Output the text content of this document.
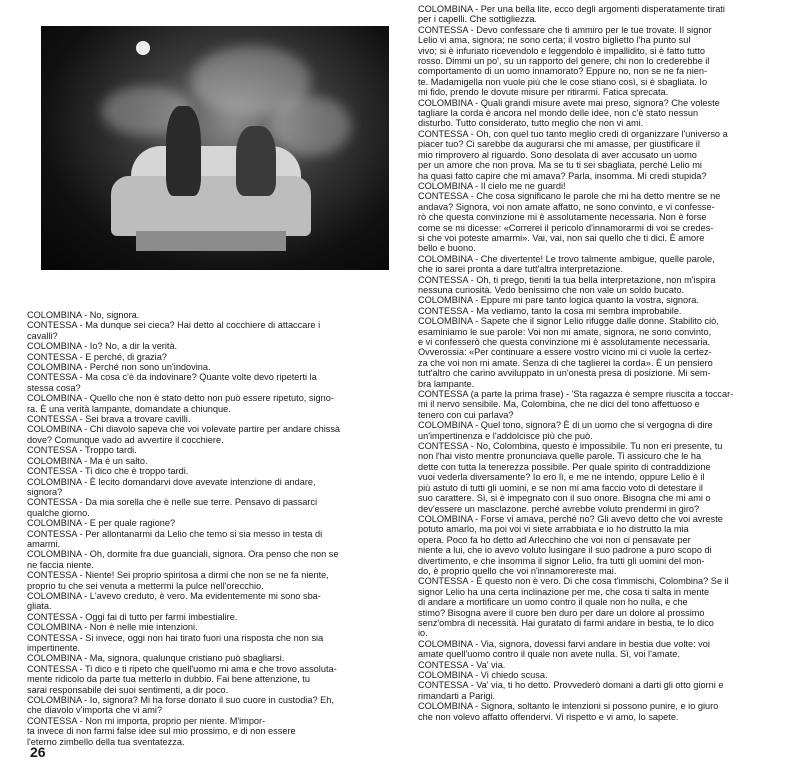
COLOMBINA - No, signora.
CONTESSA - Ma dunque sei cieca? Hai detto al cocchiere di attaccare i
cavalli?
COLOMBINA - Io? No, a dir la verità.
CONTESSA - E perché, di grazia?
COLOMBINA - Perché non sono un'indovina.
CONTESSA - Ma cosa c'è da indovinare? Quante volte devo ripeterti la
stessa cosa?
COLOMBINA - Quello che non è stato detto non può essere ripetuto, signo-
ra. È una verità lampante, domandate a chiunque.
CONTESSA - Sei brava a trovare cavilli.
COLOMBINA - Chi diavolo sapeva che voi volevate partire per andare chissà
dove? Comunque vado ad avvertire il cocchiere.
CONTESSA - Troppo tardi.
COLOMBINA - Ma è un salto.
CONTESSA - Ti dico che è troppo tardi.
COLOMBINA - È lecito domandarvi dove avevate intenzione di andare,
signora?
CONTESSA - Da mia sorella che è nelle sue terre. Pensavo di passarci
qualche giorno.
COLOMBINA - E per quale ragione?
CONTESSA - Per allontanarmi da Lelio che temo si sia messo in testa di
amarmi.
COLOMBINA - Oh, dormite fra due guanciali, signora. Ora penso che non se
ne faccia niente.
CONTESSA - Niente! Sei proprio spiritosa a dirmi che non se ne fa niente,
proprio tu che sei venuta a mettermi la pulce nell'orecchio.
COLOMBINA - L'avevo creduto, è vero. Ma evidentemente mi sono sba-
gliata.
CONTESSA - Oggi fai di tutto per farmi imbestialire.
COLOMBINA - Non è nelle mie intenzioni.
CONTESSA - Si invece, oggi non hai tirato fuori una risposta che non sia
impertinente.
COLOMBINA - Ma, signora, qualunque cristiano può sbagliarsi.
CONTESSA - Ti dico e ti ripeto che quell'uomo mi ama e che trovo assoluta-
mente ridicolo da parte tua metterlo in dubbio. Fai bene attenzione, tu
sarai responsabile dei suoi sentimenti, a dir poco.
COLOMBINA - Io, signora? Mi ha forse donato il suo cuore in custodia? Eh,
che diavolo v'importa che vi ami?
CONTESSA - Non mi importa, proprio per niente. M'impor-
ta invece di non farmi false idee sul mio prossimo, e di non essere
l'eterno zimbello della tua sventatezza.
COLOMBINA - Per una bella lite, ecco degli argomenti disperatamente tirati
per i capelli. Che sottigliezza.
CONTESSA - Devo confessare che ti ammiro per le tue trovate. Il signor
Lelio vi ama, signora; ne sono certa; il vostro biglietto l'ha punto sul
vivo; si è infuriato ricevendolo e leggendolo è impallidito, si è fatto tutto
rosso. Dimmi un po', su un rapporto del genere, chi non lo crederebbe il
comportamento di un uomo innamorato? Eppure no, non se ne fa nien-
te. Madamigella non vuole più che le cose stiano così, si è sbagliata. Io
mi fido, prendo le dovute misure per ritirarmi. Fatica sprecata.
COLOMBINA - Quali grandi misure avete mai preso, signora? Che voleste
tagliare la corda è ancora nel mondo delle idee, non c'è stato nessun
disturbo. Tutto considerato, tutto meglio che non vi ami.
CONTESSA - Oh, con quel tuo tanto meglio credi di organizzare l'universo a
piacer tuo? Ci sarebbe da augurarsi che mi amasse, per giustificare il
mio rimprovero al riguardo. Sono desolata di aver accusato un uomo
per un amore che non prova. Ma se tu ti sei sbagliata, perché Lelio mi
ha quasi fatto capire che mi amava? Parla, insomma. Mi credi stupida?
COLOMBINA - Il cielo me ne guardi!
CONTESSA - Che cosa significano le parole che mi ha detto mentre se ne
andava? Signora, voi non amate affatto, ne sono convinto, e vi confesse-
rò che questa convinzione mi è assolutamente necessaria. Non è forse
come se mi dicesse: «Correrei il pericolo d'innamorarmi di voi se credes-
si che voi poteste amarmi». Vai, vai, non sai quello che ti dici. È amore
bello e buono.
COLOMBINA - Che divertente! Le trovo talmente ambigue, quelle parole,
che io sarei pronta a dare tutt'altra interpretazione.
CONTESSA - Oh, ti prego, tieniti la tua bella interpretazione, non m'ispira
nessuna curiosità. Vedo benissimo che non vale un soldo bucato.
COLOMBINA - Eppure mi pare tanto logica quanto la vostra, signora.
CONTESSA - Ma vediamo, tanto la cosa mi sembra improbabile.
COLOMBINA - Sapete che il signor Lelio rifugge dalle donne. Stabilito ciò,
esaminiamo le sue parole: Voi non mi amate, signora, ne sono convinto,
e vi confesserò che questa convinzione mi è assolutamente necessaria.
Ovverossia: «Per continuare a essere vostro vicino mi ci vuole la certez-
za che voi non mi amate. Senza di che taglierei la corda». È un pensiero
tutt'altro che carino avviluppato in un'onesta presa di posizione. Mi sem-
bra lampante.
CONTESSA (a parte la prima frase) - 'Sta ragazza è sempre riuscita a toccar-
mi il nervo sensibile. Ma, Colombina, che ne dici del tono affettuoso e
tenero con cui parlava?
COLOMBINA - Quel tono, signora? È di un uomo che si vergogna di dire
un'impertinenza e l'addolcisce più che può.
CONTESSA - No, Colombina, questo è impossibile. Tu non eri presente, tu
non l'hai visto mentre pronunciava quelle parole. Ti assicuro che le ha
dette con tutta la tenerezza possibile. Per quale spirito di contraddizione
vuoi vederla diversamente? Io ero lì, e me ne intendo, oppure Lelio è il
più astuto di tutti gli uomini, e se non mi ama faccio voto di detestare il
suo carattere. Sì, si è impegnato con il suo onore. Bisogna che mi ami o
dev'essere un masclazone. perché avrebbe voluto prendermi in giro?
COLOMBINA - Forse vi amava, perché no? Gli avevo detto che voi avreste
potuto amarlo, ma poi voi vi siete arrabbiata e io ho distrutto la mia
opera. Poco fa ho detto ad Arlecchino che voi non ci pensavate per
niente a lui, che io avevo voluto lusingare il suo padrone a puro scopo di
divertimento, e che insomma il signor Lelio, fra tutti gli uomini del mon-
do, è proprio quello che voi n'innamorereste mai.
CONTESSA - È questo non è vero. Di che cosa t'immischi, Colombina? Se il
signor Lelio ha una certa inclinazione per me, che cosa ti salta in mente
di andare a mortificare un uomo contro il quale non ho nulla, e che
stimo? Bisogna avere il cuore ben duro per dare un dolore al prossimo
senz'ombra di necessità. Hai guratato di farmi andare in bestia, te lo dico
io.
COLOMBINA - Via, signora, dovessi farvi andare in bestia due volte: voi
amate quell'uomo contro il quale non avete nulla. Sì, voi l'amate.
CONTESSA - Va' via.
COLOMBINA - Vi chiedo scusa.
CONTESSA - Va' via, ti ho detto. Provvederò domani a darti gli otto giorni e
rimandarti a Parigi.
COLOMBINA - Signora, soltanto le intenzioni si possono punire, e io giuro
che non volevo affatto offendervi. Vi rispetto e vi amo, lo sapete.
26
